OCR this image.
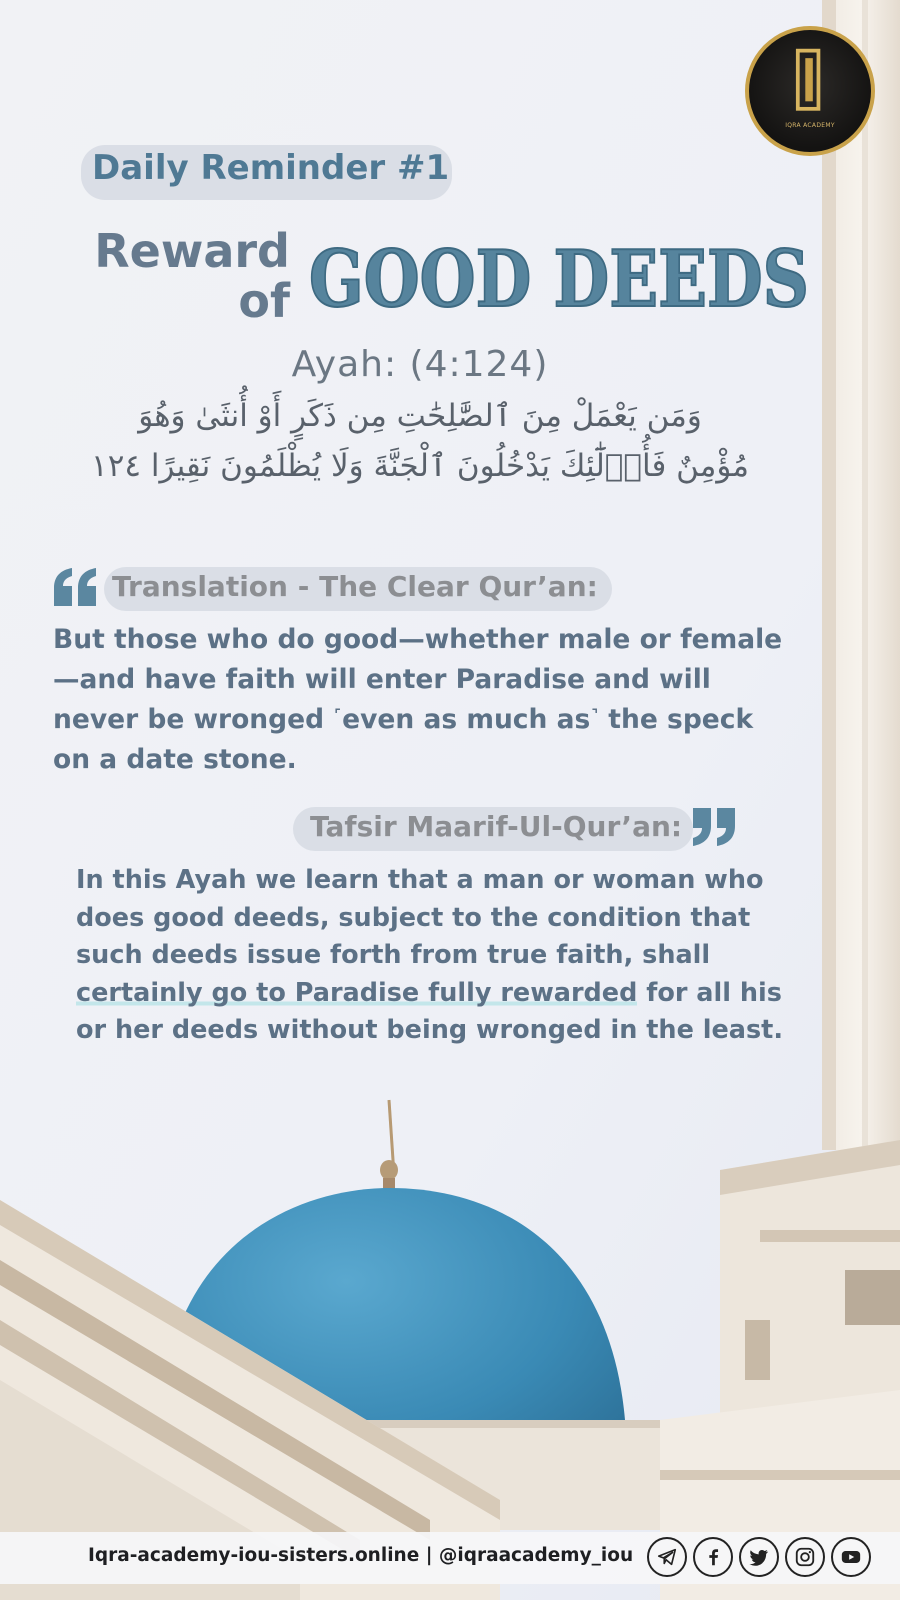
IQRA ACADEMY
Daily Reminder #1
Reward
of GOOD DEEDS
Ayah: (4:124)
وَمَن يَعْمَلْ مِنَ ٱلصَّٰلِحَٰتِ مِن ذَكَرٍ أَوْ أُنثَىٰ وَهُوَ
مُؤْمِنٌ فَأُو۟لَٰٓئِكَ يَدْخُلُونَ ٱلْجَنَّةَ وَلَا يُظْلَمُونَ نَقِيرًا ١٢٤
Translation - The Clear Qur’an:
But those who do good—whether male or female—and have faith will enter Paradise and will never be wronged ˹even as much as˺ the speck on a date stone.
Tafsir Maarif-Ul-Qur’an:
In this Ayah we learn that a man or woman who does good deeds, subject to the condition that such deeds issue forth from true faith, shall certainly go to Paradise fully rewarded for all his or her deeds without being wronged in the least.
Iqra-academy-iou-sisters.online | @iqraacademy_iou
